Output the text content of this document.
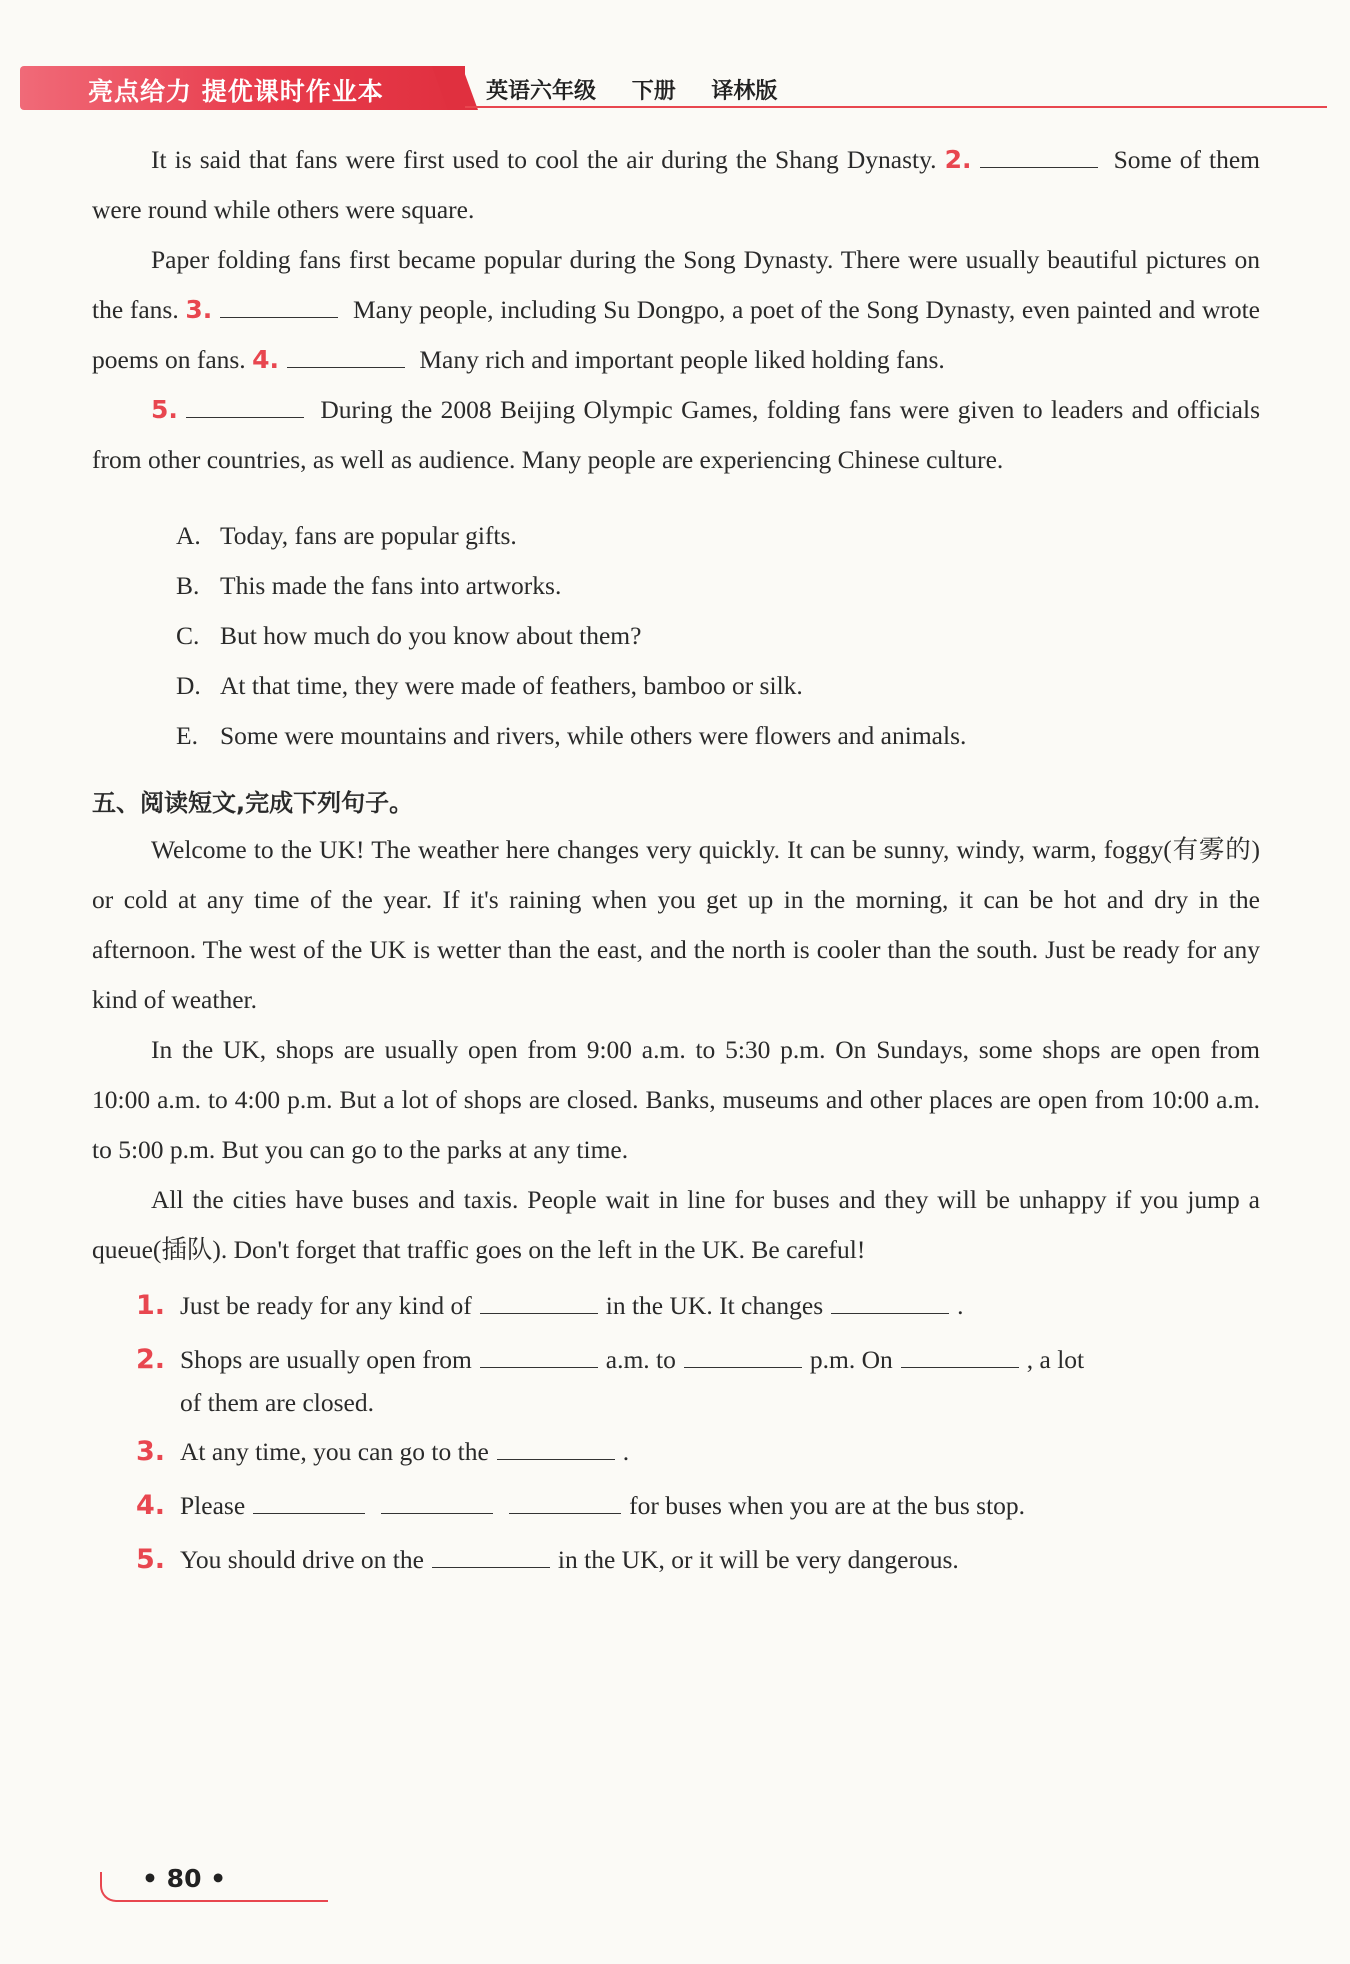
亮点给力 提优课时作业本	英语六年级 下册 译林版

It is said that fans were first used to cool the air during the Shang Dynasty. 2.	Some of them were round while others were square.

Paper folding fans first became popular during the Song Dynasty. There were usually beautiful pictures on the fans. 3.	Many people, including Su Dongpo, a poet of the Song Dynasty, even painted and wrote poems on fans. 4.	Many rich and important people liked holding fans.

5.	During the 2008 Beijing Olympic Games, folding fans were given to leaders and officials from other countries, as well as audience. Many people are experiencing Chinese culture.

A. Today, fans are popular gifts.
B. This made the fans into artworks.
C. But how much do you know about them?
D. At that time, they were made of feathers, bamboo or silk.
E. Some were mountains and rivers, while others were flowers and animals.
五、阅读短文,完成下列句子。

Welcome to the UK! The weather here changes very quickly. It can be sunny, windy, warm, foggy(有雾的) or cold at any time of the year. If it's raining when you get up in the morning, it can be hot and dry in the afternoon. The west of the UK is wetter than the east, and the north is cooler than the south. Just be ready for any kind of weather.

In the UK, shops are usually open from 9:00 a.m. to 5:30 p.m. On Sundays, some shops are open from 10:00 a.m. to 4:00 p.m. But a lot of shops are closed. Banks, museums and other places are open from 10:00 a.m. to 5:00 p.m. But you can go to the parks at any time.

All the cities have buses and taxis. People wait in line for buses and they will be unhappy if you jump a queue(插队). Don't forget that traffic goes on the left in the UK. Be careful!

1. Just be ready for any kind of	in the UK. It changes	.
2. Shops are usually open from	a.m. to	p.m. On	, a lot
of them are closed.
3. At any time, you can go to the	.
4. Please	for buses when you are at the bus stop.
5. You should drive on the	in the UK, or it will be very dangerous.
• 80 •
